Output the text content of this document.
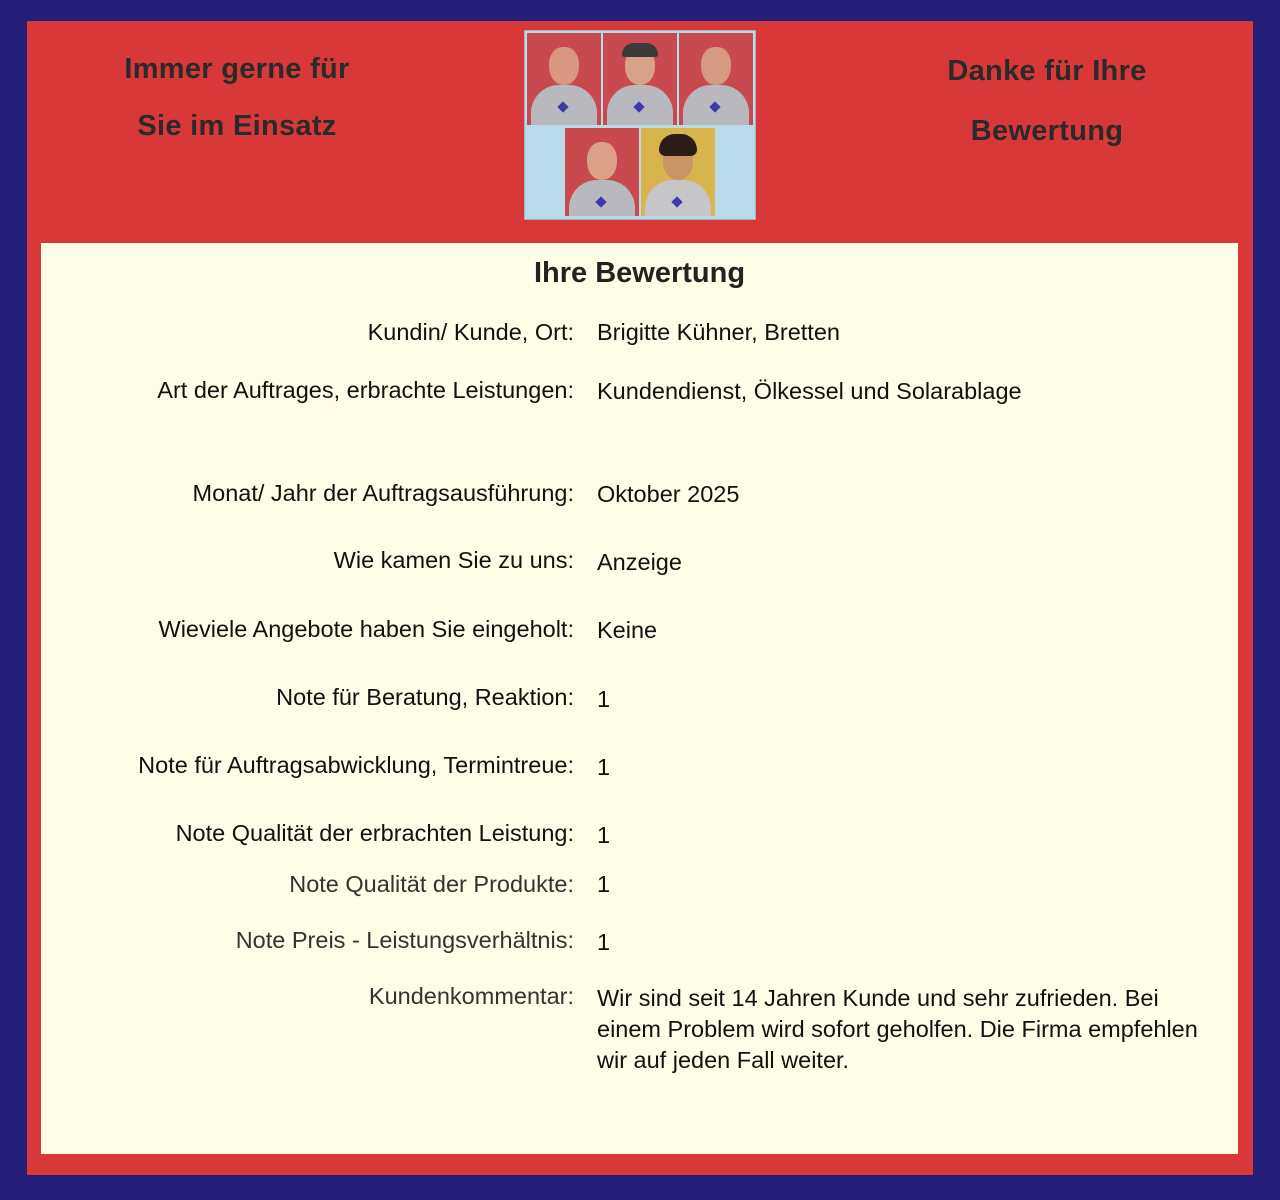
Immer gerne für
Sie im Einsatz
Danke für Ihre
Bewertung
Ihre Bewertung
Kundin/ Kunde, Ort: Brigitte Kühner, Bretten
Art der Auftrages, erbrachte Leistungen: Kundendienst, Ölkessel und Solarablage
Monat/ Jahr der Auftragsausführung: Oktober 2025
Wie kamen Sie zu uns: Anzeige
Wieviele Angebote haben Sie eingeholt: Keine
Note für Beratung, Reaktion: 1
Note für Auftragsabwicklung, Termintreue: 1
Note Qualität der erbrachten Leistung: 1
Note Qualität der Produkte: 1
Note Preis - Leistungsverhältnis: 1
Kundenkommentar: Wir sind seit 14 Jahren Kunde und sehr zufrieden. Bei einem Problem wird sofort geholfen. Die Firma empfehlen wir auf jeden Fall weiter.
